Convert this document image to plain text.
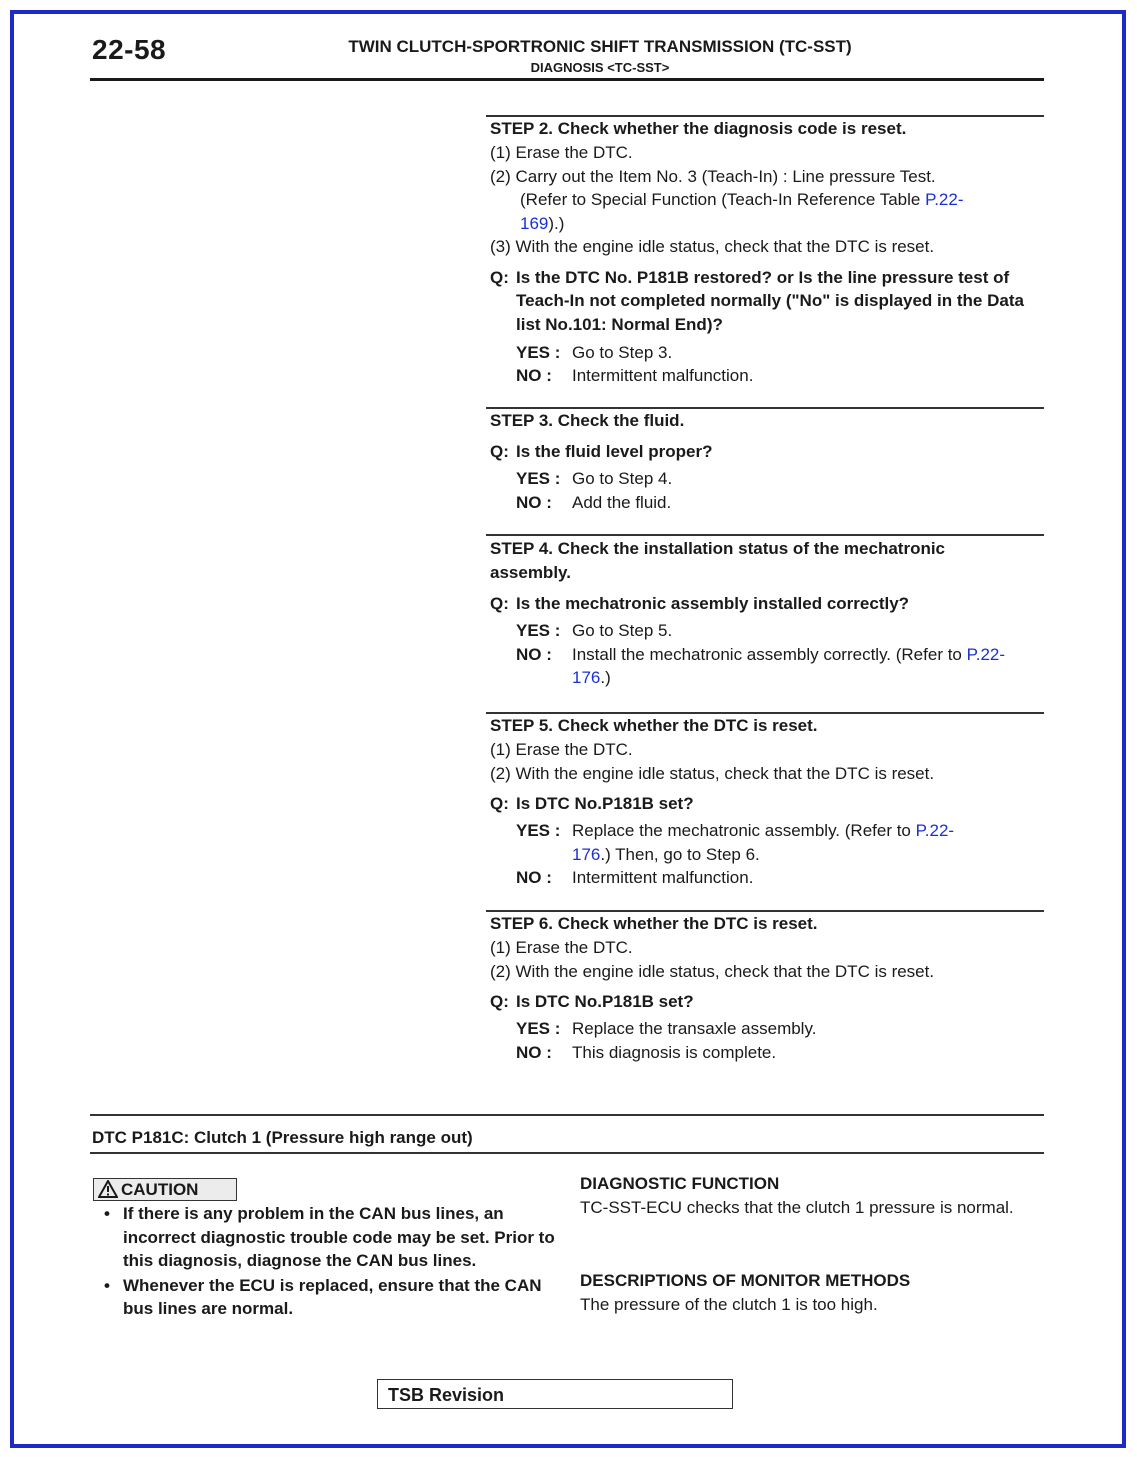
22-58	TWIN CLUTCH-SPORTRONIC SHIFT TRANSMISSION (TC-SST)
DIAGNOSIS <TC-SST>
STEP 2. Check whether the diagnosis code is reset.
(1) Erase the DTC.
(2) Carry out the Item No. 3 (Teach-In) : Line pressure Test.
(Refer to Special Function (Teach-In Reference Table P.22-
169).)
(3) With the engine idle status, check that the DTC is reset.
Q: Is the DTC No. P181B restored? or Is the line pressure test of Teach-In not completed normally ("No" is displayed in the Data list No.101: Normal End)?
YES : Go to Step 3.
NO : Intermittent malfunction.
STEP 3. Check the fluid.
Q: Is the fluid level proper?
YES : Go to Step 4.
NO : Add the fluid.
STEP 4. Check the installation status of the mechatronic assembly.
Q: Is the mechatronic assembly installed correctly?
YES : Go to Step 5.
NO : Install the mechatronic assembly correctly. (Refer to P.22-176.)
STEP 5. Check whether the DTC is reset.
(1) Erase the DTC.
(2) With the engine idle status, check that the DTC is reset.
Q: Is DTC No.P181B set?
YES : Replace the mechatronic assembly. (Refer to P.22-
176.) Then, go to Step 6.
NO : Intermittent malfunction.
STEP 6. Check whether the DTC is reset.
(1) Erase the DTC.
(2) With the engine idle status, check that the DTC is reset.
Q: Is DTC No.P181B set?
YES : Replace the transaxle assembly.
NO : This diagnosis is complete.
DTC P181C: Clutch 1 (Pressure high range out)
CAUTION
• If there is any problem in the CAN bus lines, an incorrect diagnostic trouble code may be set. Prior to this diagnosis, diagnose the CAN bus lines.
• Whenever the ECU is replaced, ensure that the CAN bus lines are normal.
DIAGNOSTIC FUNCTION
TC-SST-ECU checks that the clutch 1 pressure is normal.
DESCRIPTIONS OF MONITOR METHODS
The pressure of the clutch 1 is too high.
TSB Revision
